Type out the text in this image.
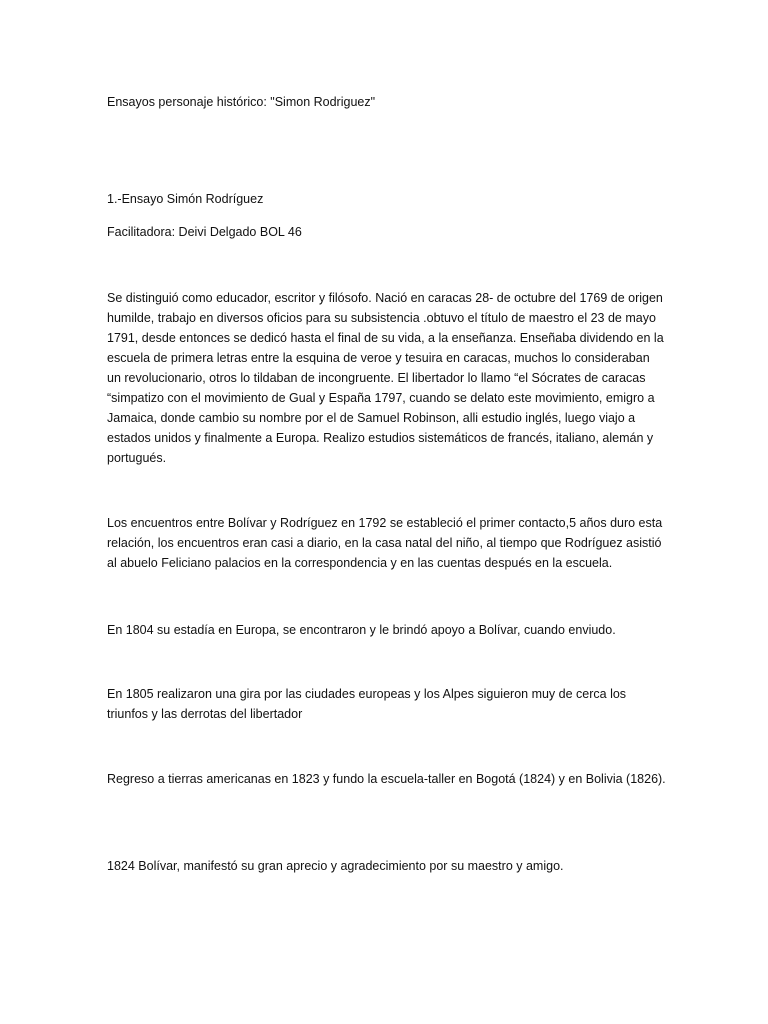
Ensayos personaje histórico: "Simon Rodriguez"

1.-Ensayo Simón Rodríguez

Facilitadora: Deivi Delgado BOL 46

Se distinguió como educador, escritor y filósofo. Nació en caracas 28- de octubre del 1769 de origen humilde, trabajo en diversos oficios para su subsistencia .obtuvo el título de maestro el 23 de mayo 1791, desde entonces se dedicó hasta el final de su vida, a la enseñanza. Enseñaba dividendo en la escuela de primera letras entre la esquina de veroe y tesuira en caracas, muchos lo consideraban un revolucionario, otros lo tildaban de incongruente. El libertador lo llamo “el Sócrates de caracas “simpatizo con el movimiento de Gual y España 1797, cuando se delato este movimiento, emigro a Jamaica, donde cambio su nombre por el de Samuel Robinson, alli estudio inglés, luego viajo a estados unidos y finalmente a Europa. Realizo estudios sistemáticos de francés, italiano, alemán y portugués.

Los encuentros entre Bolívar y Rodríguez en 1792 se estableció el primer contacto,5 años duro esta relación, los encuentros eran casi a diario, en la casa natal del niño, al tiempo que Rodríguez asistió al abuelo Feliciano palacios en la correspondencia y en las cuentas después en la escuela.

En 1804 su estadía en Europa, se encontraron y le brindó apoyo a Bolívar, cuando enviudo.

En 1805 realizaron una gira por las ciudades europeas y los Alpes siguieron muy de cerca los triunfos y las derrotas del libertador

Regreso a tierras americanas en 1823 y fundo la escuela-taller en Bogotá (1824) y en Bolivia (1826).

1824 Bolívar, manifestó su gran aprecio y agradecimiento por su maestro y amigo.
